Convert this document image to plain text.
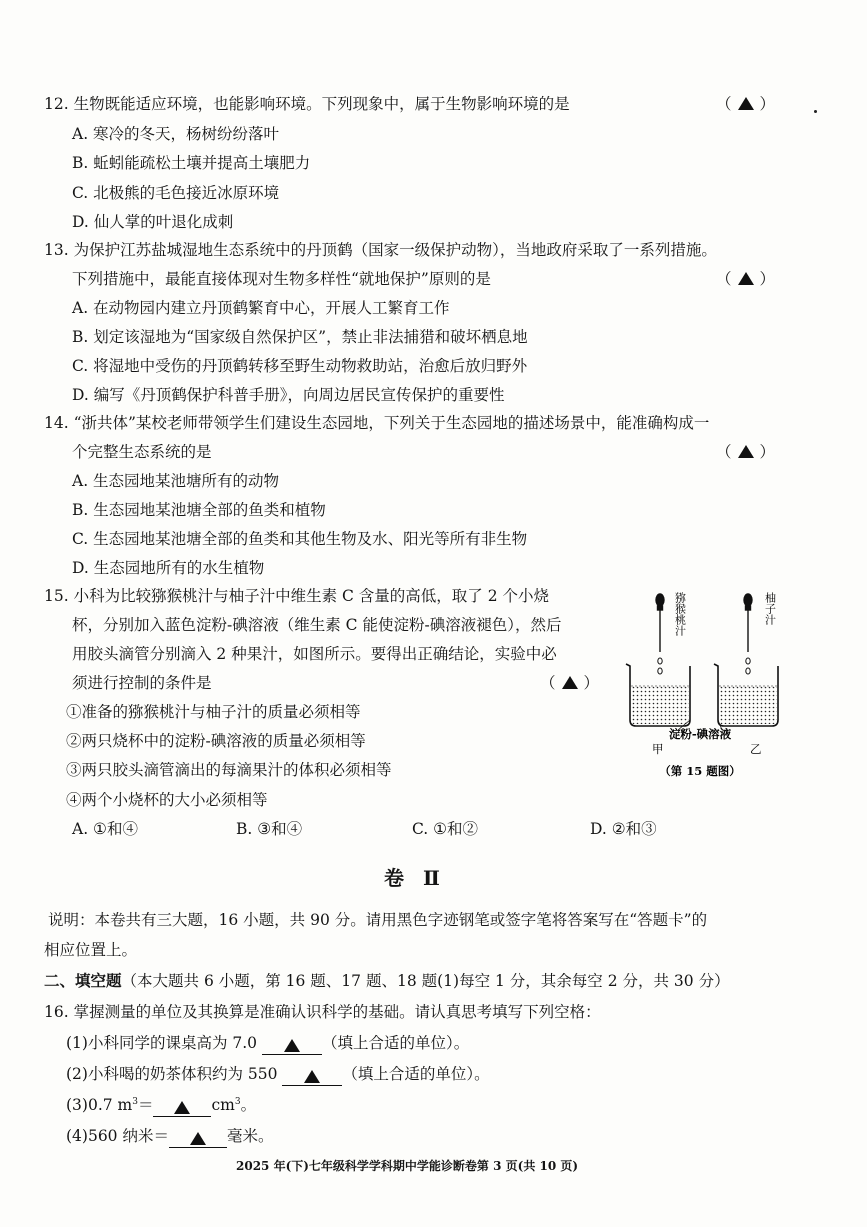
12. 生物既能适应环境，也能影响环境。下列现象中，属于生物影响环境的是	（ ）
A. 寒冷的冬天，杨树纷纷落叶
B. 蚯蚓能疏松土壤并提高土壤肥力
C. 北极熊的毛色接近冰原环境
D. 仙人掌的叶退化成刺
13. 为保护江苏盐城湿地生态系统中的丹顶鹤（国家一级保护动物），当地政府采取了一系列措施。
下列措施中，最能直接体现对生物多样性“就地保护”原则的是	（ ）
A. 在动物园内建立丹顶鹤繁育中心，开展人工繁育工作
B. 划定该湿地为“国家级自然保护区”，禁止非法捕猎和破坏栖息地
C. 将湿地中受伤的丹顶鹤转移至野生动物救助站，治愈后放归野外
D. 编写《丹顶鹤保护科普手册》，向周边居民宣传保护的重要性
14. “浙共体”某校老师带领学生们建设生态园地，下列关于生态园地的描述场景中，能准确构成一
个完整生态系统的是	（ ）
A. 生态园地某池塘所有的动物
B. 生态园地某池塘全部的鱼类和植物
C. 生态园地某池塘全部的鱼类和其他生物及水、阳光等所有非生物
D. 生态园地所有的水生植物
15. 小科为比较猕猴桃汁与柚子汁中维生素 C 含量的高低，取了 2 个小烧
杯，分别加入蓝色淀粉-碘溶液（维生素 C 能使淀粉-碘溶液褪色），然后
用胶头滴管分别滴入 2 种果汁，如图所示。要得出正确结论，实验中必
须进行控制的条件是	（ ）
①准备的猕猴桃汁与柚子汁的质量必须相等
②两只烧杯中的淀粉-碘溶液的质量必须相等
③两只胶头滴管滴出的每滴果汁的体积必须相等
④两个小烧杯的大小必须相等
A. ①和④	B. ③和④	C. ①和②	D. ②和③
猕猴桃汁	柚子汁
淀粉-碘溶液
甲	乙
（第 15 题图）
卷 Ⅱ
说明：本卷共有三大题，16 小题，共 90 分。请用黑色字迹钢笔或签字笔将答案写在“答题卡”的
相应位置上。
二、填空题（本大题共 6 小题，第 16 题、17 题、18 题(1)每空 1 分，其余每空 2 分，共 30 分）
16. 掌握测量的单位及其换算是准确认识科学的基础。请认真思考填写下列空格：
(1)小科同学的课桌高为 7.0	（填上合适的单位）。
(2)小科喝的奶茶体积约为 550	（填上合适的单位）。
(3)0.7 $m^3=$	$cm^3$。
(4)560 纳米＝	毫米。
2025 年(下)七年级科学学科期中学能诊断卷第 3 页(共 10 页)
